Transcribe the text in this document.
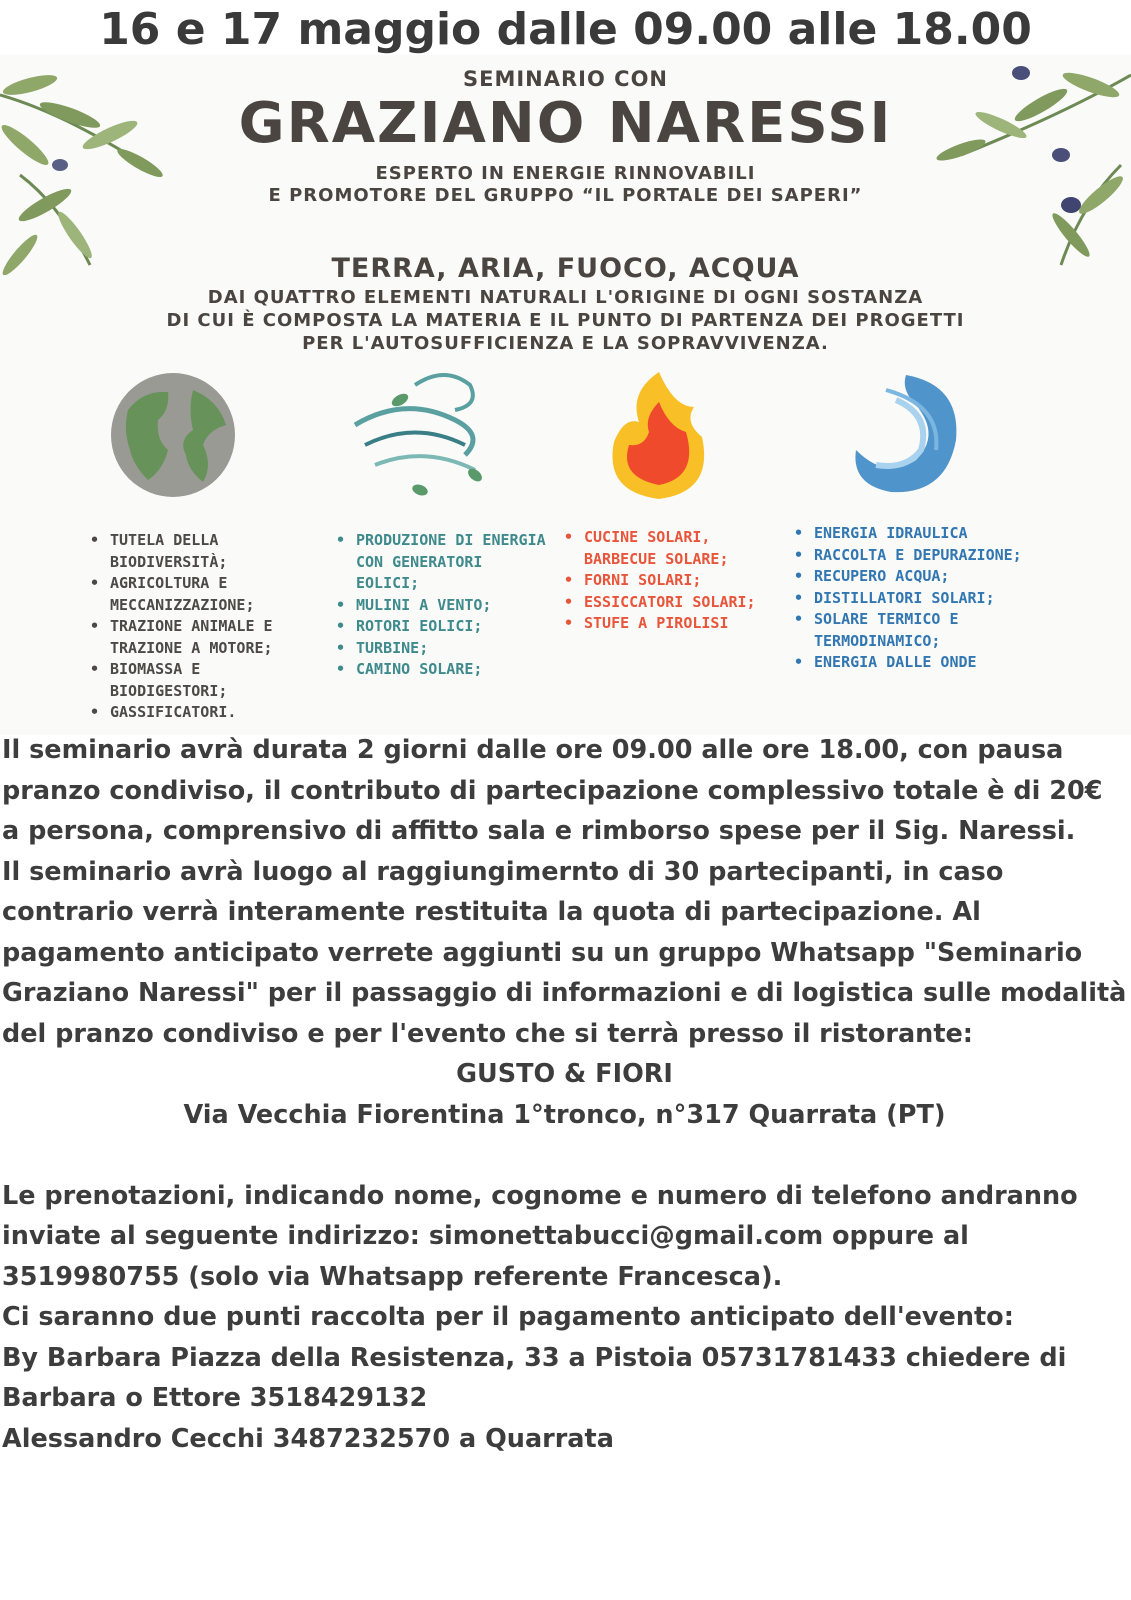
16 e 17 maggio dalle 09.00 alle 18.00
SEMINARIO CON
GRAZIANO NARESSI
ESPERTO IN ENERGIE RINNOVABILI
E PROMOTORE DEL GRUPPO “IL PORTALE DEI SAPERI”
TERRA, ARIA, FUOCO, ACQUA
DAI QUATTRO ELEMENTI NATURALI L'ORIGINE DI OGNI SOSTANZA
DI CUI È COMPOSTA LA MATERIA E IL PUNTO DI PARTENZA DEI PROGETTI
PER L'AUTOSUFFICIENZA E LA SOPRAVVIVENZA.
• TUTELA DELLA BIODIVERSITÀ;
• AGRICOLTURA E MECCANIZZAZIONE;
• TRAZIONE ANIMALE E TRAZIONE A MOTORE;
• BIOMASSA E BIODIGESTORI;
• GASSIFICATORI.
• PRODUZIONE DI ENERGIA CON GENERATORI EOLICI;
• MULINI A VENTO;
• ROTORI EOLICI;
• TURBINE;
• CAMINO SOLARE;
• CUCINE SOLARI, BARBECUE SOLARE;
• FORNI SOLARI;
• ESSICCATORI SOLARI;
• STUFE A PIROLISI
• ENERGIA IDRAULICA
• RACCOLTA E DEPURAZIONE;
• RECUPERO ACQUA;
• DISTILLATORI SOLARI;
• SOLARE TERMICO E TERMODINAMICO;
• ENERGIA DALLE ONDE

Il seminario avrà durata 2 giorni dalle ore 09.00 alle ore 18.00, con pausa pranzo condiviso, il contributo di partecipazione complessivo totale è di 20€ a persona, comprensivo di affitto sala e rimborso spese per il Sig. Naressi.

Il seminario avrà luogo al raggiungimernto di 30 partecipanti, in caso contrario verrà interamente restituita la quota di partecipazione. Al pagamento anticipato verrete aggiunti su un gruppo Whatsapp "Seminario Graziano Naressi" per il passaggio di informazioni e di logistica sulle modalità del pranzo condiviso e per l'evento che si terrà presso il ristorante:

GUSTO & FIORI

Via Vecchia Fiorentina 1°tronco, n°317 Quarrata (PT)

Le prenotazioni, indicando nome, cognome e numero di telefono andranno inviate al seguente indirizzo: simonettabucci@gmail.com oppure al 3519980755 (solo via Whatsapp referente Francesca).

Ci saranno due punti raccolta per il pagamento anticipato dell'evento:

By Barbara Piazza della Resistenza, 33 a Pistoia 05731781433 chiedere di Barbara o Ettore 3518429132

Alessandro Cecchi 3487232570 a Quarrata
